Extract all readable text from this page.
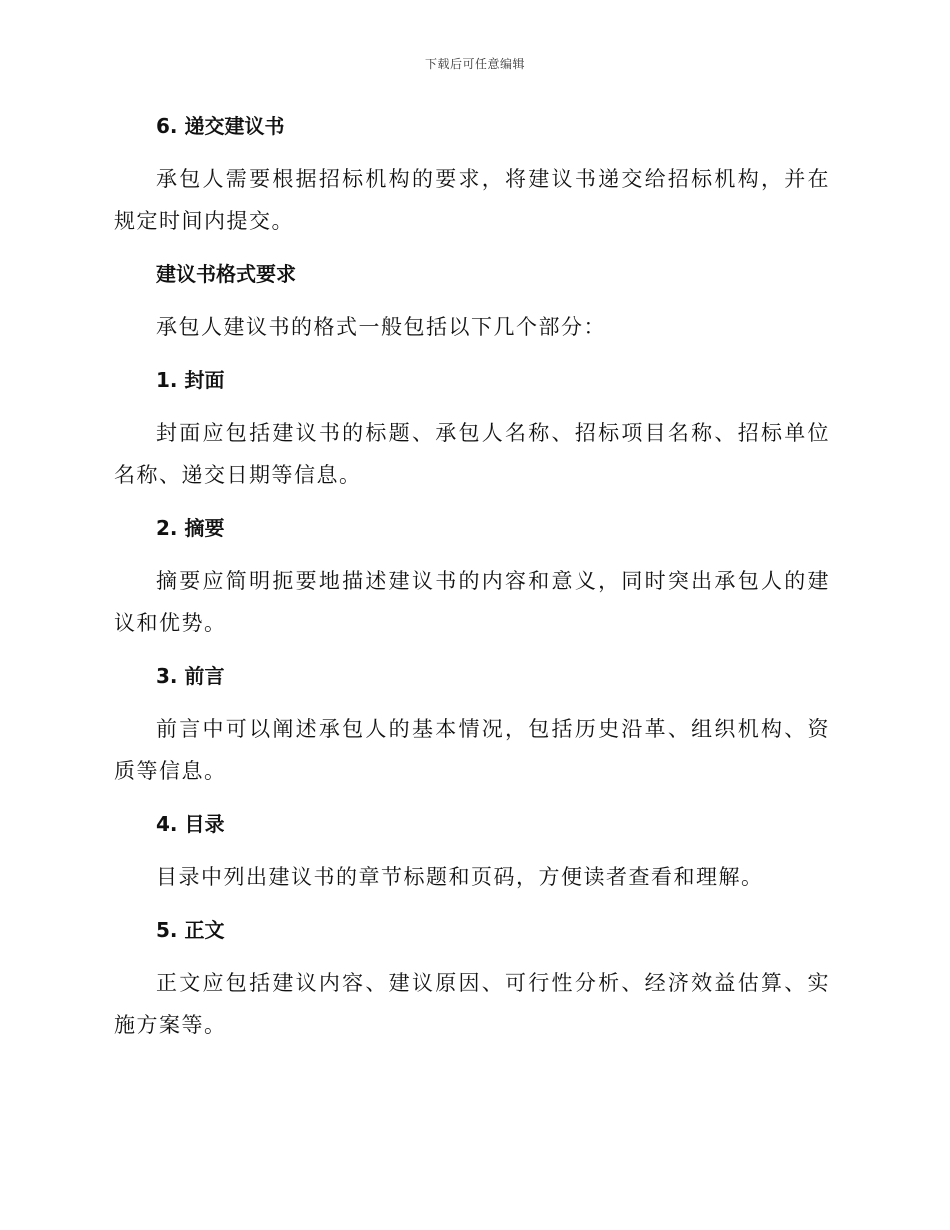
下载后可任意编辑
6. 递交建议书

承包人需要根据招标机构的要求，将建议书递交给招标机构，并在规定时间内提交。

建议书格式要求

承包人建议书的格式一般包括以下几个部分：

1. 封面

封面应包括建议书的标题、承包人名称、招标项目名称、招标单位名称、递交日期等信息。

2. 摘要

摘要应简明扼要地描述建议书的内容和意义，同时突出承包人的建议和优势。

3. 前言

前言中可以阐述承包人的基本情况，包括历史沿革、组织机构、资质等信息。

4. 目录

目录中列出建议书的章节标题和页码，方便读者查看和理解。

5. 正文

正文应包括建议内容、建议原因、可行性分析、经济效益估算、实施方案等。
